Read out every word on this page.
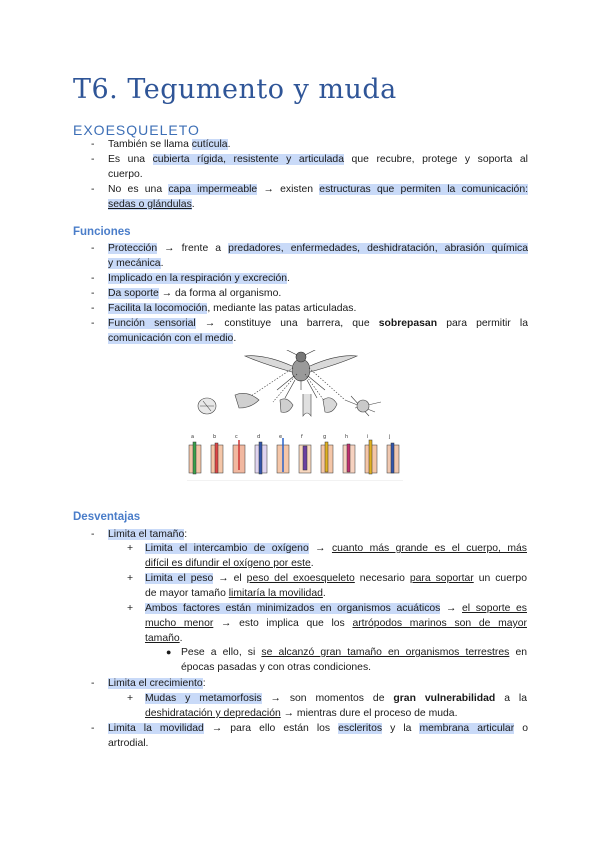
T6. Tegumento y muda
EXOESQUELETO
- También se llama cutícula.
- Es una cubierta rígida, resistente y articulada que recubre, protege y soporta al
cuerpo.
- No es una capa impermeable → existen estructuras que permiten la comunicación:
sedas o glándulas.
Funciones
- Protección → frente a predadores, enfermedades, deshidratación, abrasión química
y mecánica.
- Implicado en la respiración y excreción.
- Da soporte → da forma al organismo.
- Facilita la locomoción, mediante las patas articuladas.
- Función sensorial → constituye una barrera, que sobrepasan para permitir la
comunicación con el medio.
a	b	c	d	e	f	g	h	i	j
Desventajas
- Limita el tamaño:
+ Limita el intercambio de oxígeno → cuanto más grande es el cuerpo, más
difícil es difundir el oxígeno por este.
+ Limita el peso → el peso del exoesqueleto necesario para soportar un cuerpo
de mayor tamaño limitaría la movilidad.
+ Ambos factores están minimizados en organismos acuáticos → el soporte es
mucho menor → esto implica que los artrópodos marinos son de mayor
tamaño.
● Pese a ello, si se alcanzó gran tamaño en organismos terrestres en
épocas pasadas y con otras condiciones.
- Limita el crecimiento:
+ Mudas y metamorfosis → son momentos de gran vulnerabilidad a la
deshidratación y depredación → mientras dure el proceso de muda.
- Limita la movilidad → para ello están los escleritos y la membrana articular o
artrodial.
